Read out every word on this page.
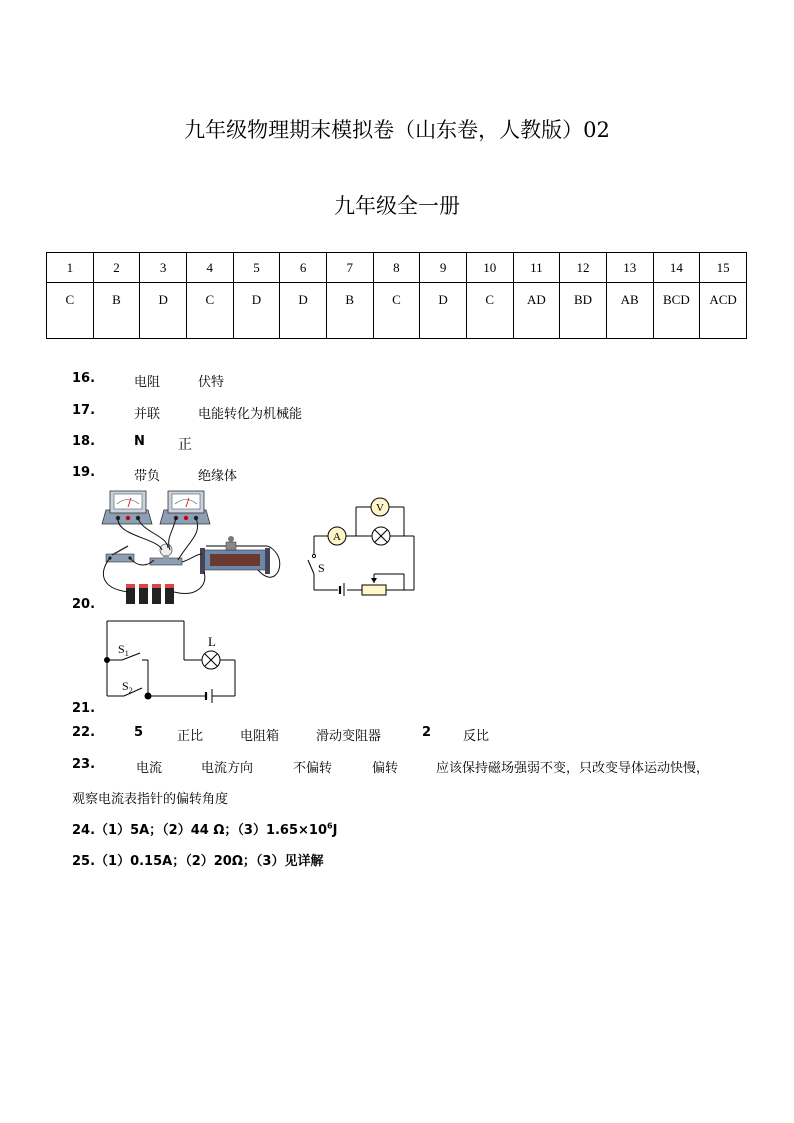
九年级物理期末模拟卷（山东卷，人教版）02
九年级全一册
1	2	3	4	5	6	7	8	9	10	11	12	13	14	15
C	B	D	C	D	D	B	C	D	C	AD	BD	AB	BCD	ACD
16.	电阻	伏特
17.	并联	电能转化为机械能
18.	N 正
19.	带负	绝缘体
20.
A
V
S
L
$S_1$
$S_2$
21.
22.	5	正比	电阻箱	滑动变阻器	2 反比
23.	电流	电流方向	不偏转	偏转	应该保持磁场强弱不变，只改变导体运动快慢，
观察电流表指针的偏转角度
24.（1）5A；（2）44 Ω；$(3)1.65\times 10^6J$
25.（1）0.15A；（2）20Ω；（3）见详解
